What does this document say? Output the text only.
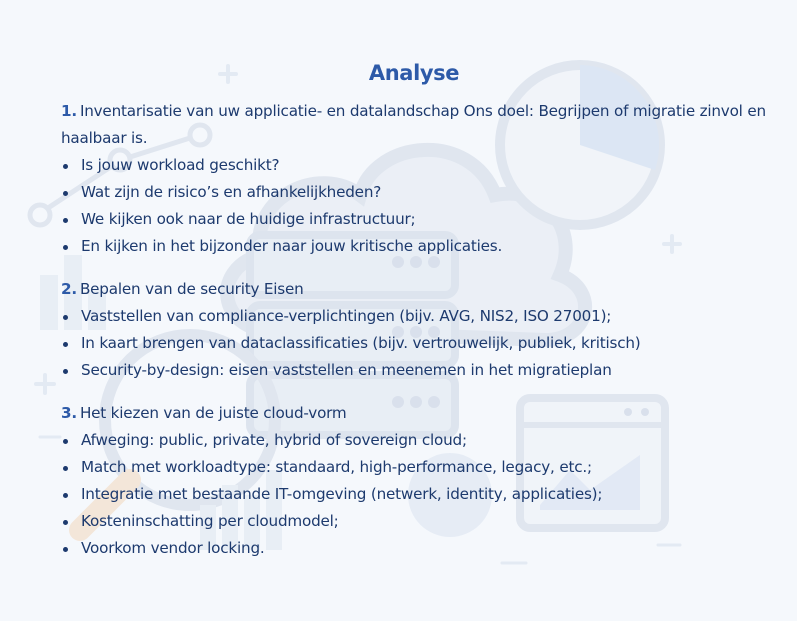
Analyse

1. Inventarisatie van uw applicatie- en datalandschap Ons doel: Begrijpen of migratie zinvol en haalbaar is.

Is jouw workload geschikt?
Wat zijn de risico’s en afhankelijkheden?
We kijken ook naar de huidige infrastructuur;
En kijken in het bijzonder naar jouw kritische applicaties.

2. Bepalen van de security Eisen

Vaststellen van compliance-verplichtingen (bijv. AVG, NIS2, ISO 27001);
In kaart brengen van dataclassificaties (bijv. vertrouwelijk, publiek, kritisch)
Security-by-design: eisen vaststellen en meenemen in het migratieplan

3. Het kiezen van de juiste cloud-vorm

Afweging: public, private, hybrid of sovereign cloud;
Match met workloadtype: standaard, high-performance, legacy, etc.;
Integratie met bestaande IT-omgeving (netwerk, identity, applicaties);
Kosteninschatting per cloudmodel;
Voorkom vendor locking.
